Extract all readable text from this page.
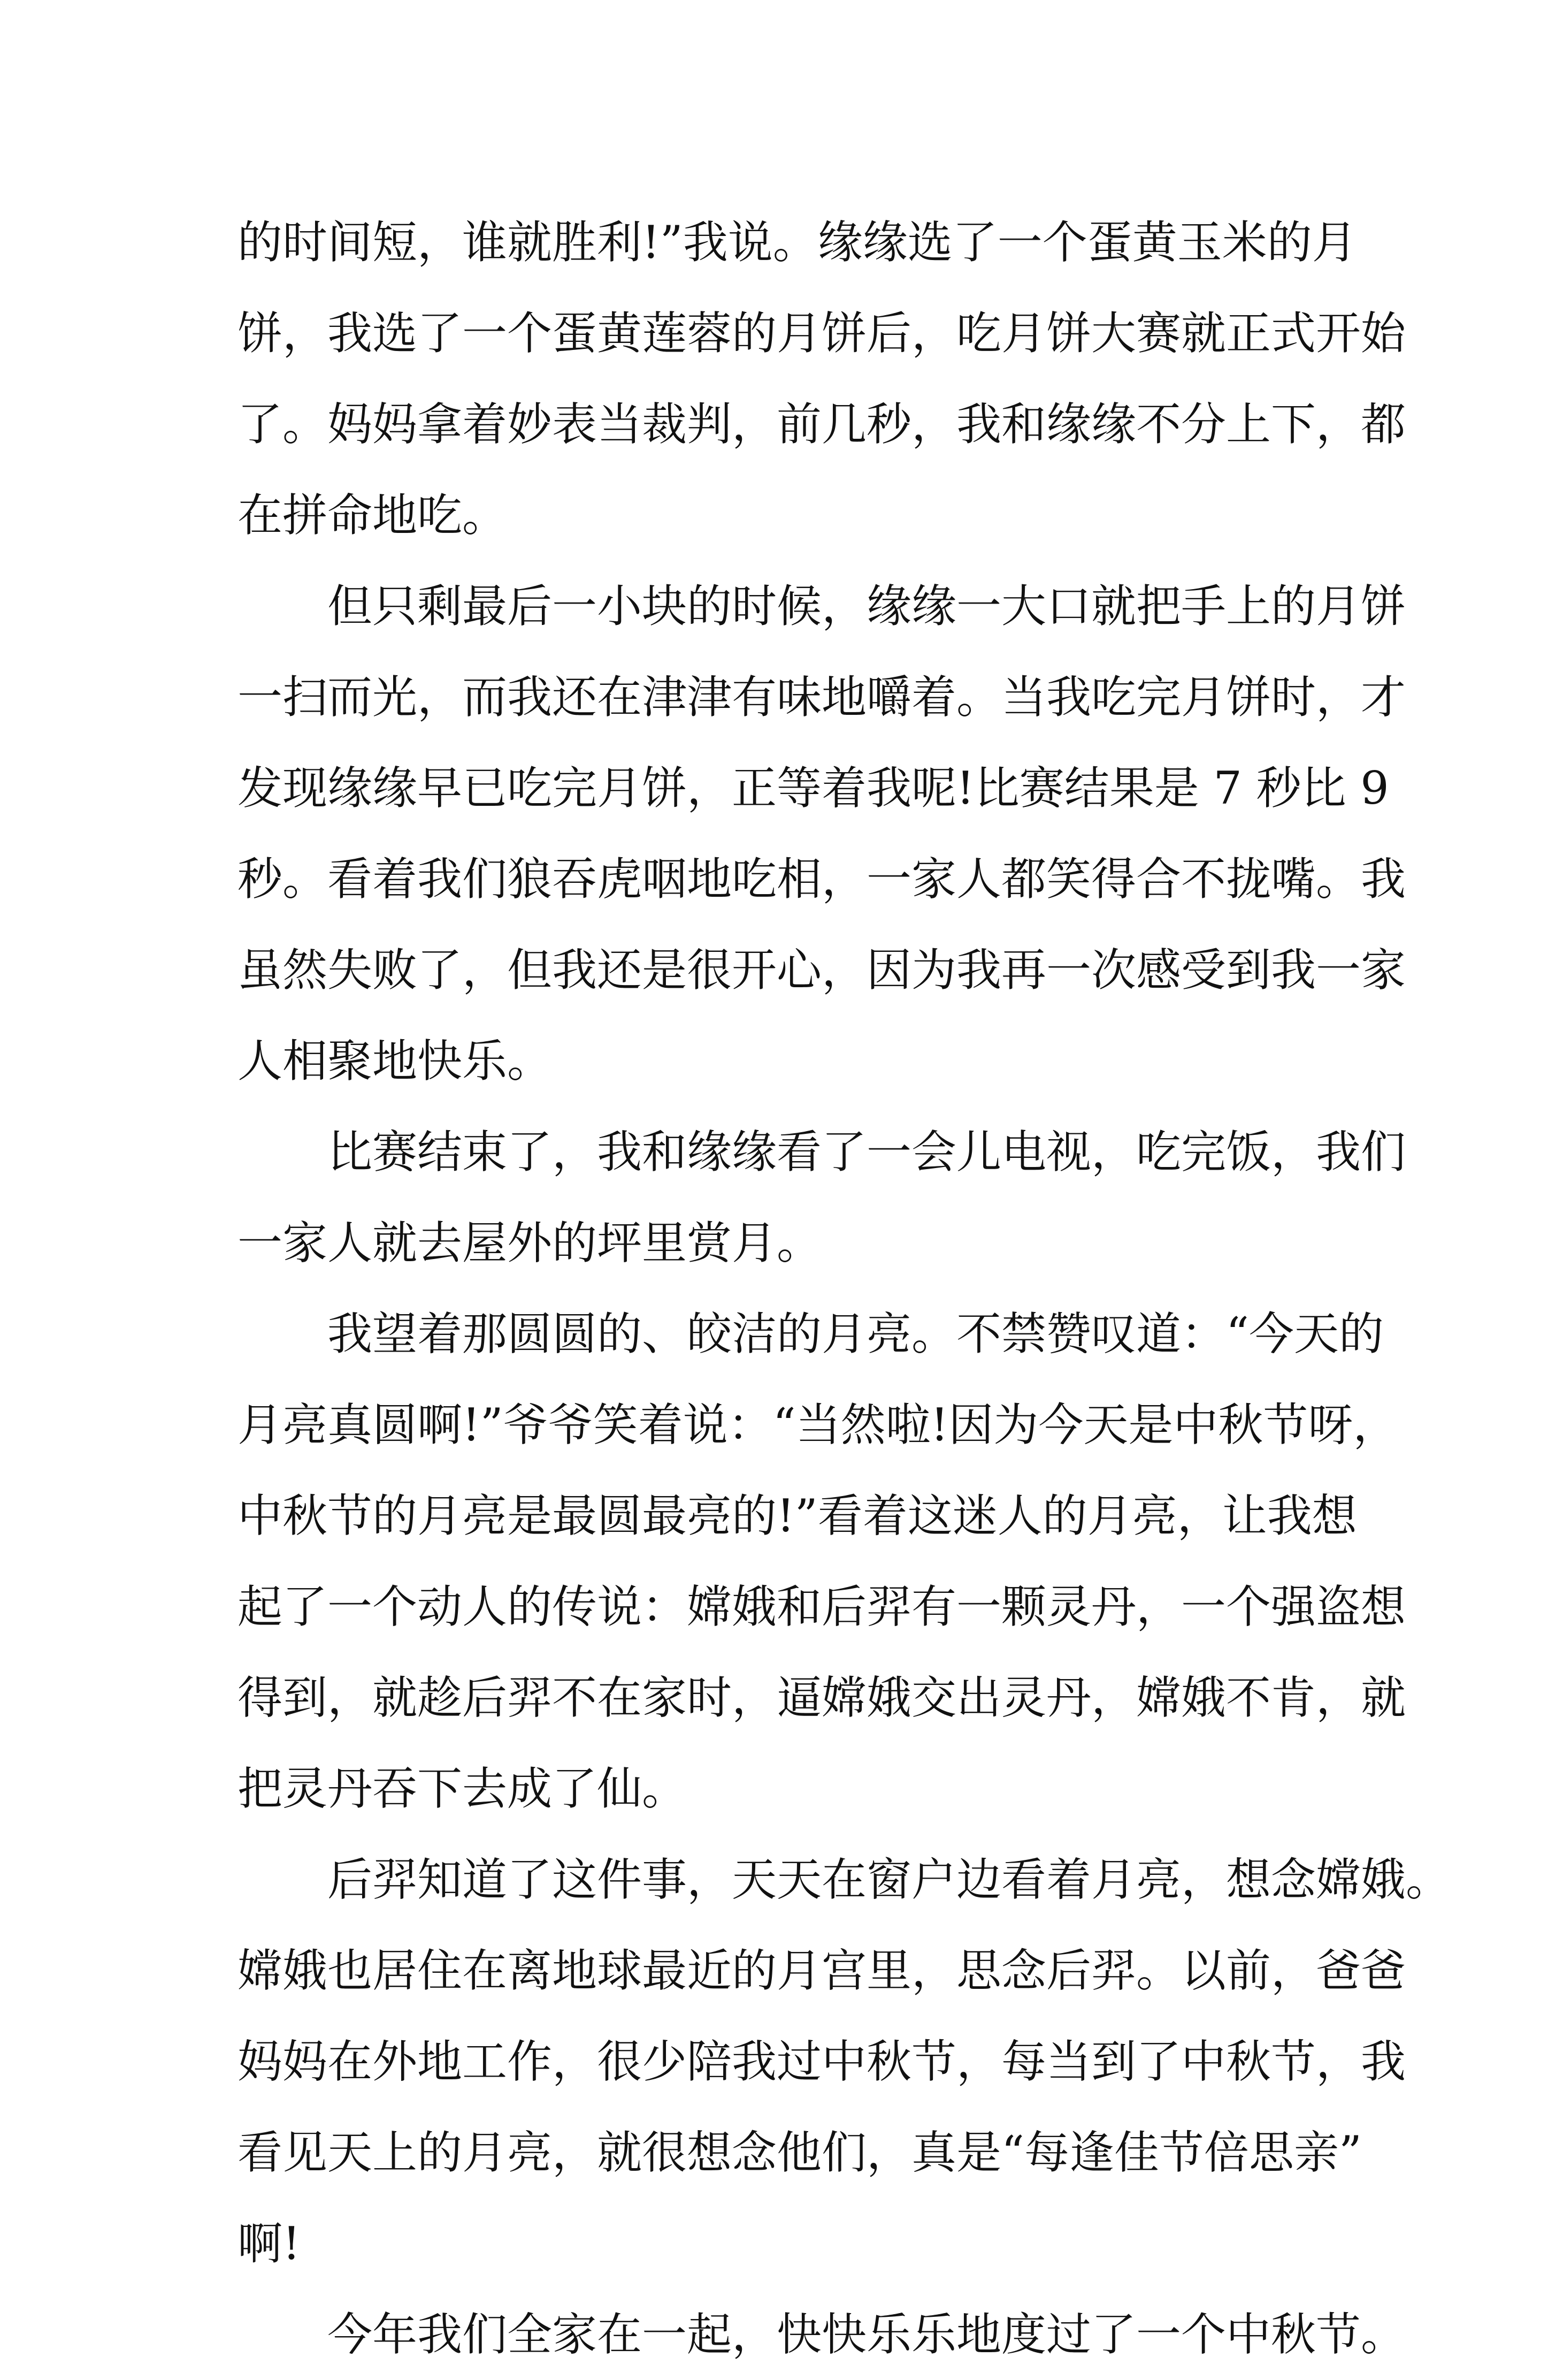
的时间短，谁就胜利!”我说。缘缘选了一个蛋黄玉米的月
饼，我选了一个蛋黄莲蓉的月饼后，吃月饼大赛就正式开始
了。妈妈拿着妙表当裁判，前几秒，我和缘缘不分上下，都
在拼命地吃。
　　但只剩最后一小块的时候，缘缘一大口就把手上的月饼
一扫而光，而我还在津津有味地嚼着。当我吃完月饼时，才
发现缘缘早已吃完月饼，正等着我呢!比赛结果是 7 秒比 9
秒。看着我们狼吞虎咽地吃相，一家人都笑得合不拢嘴。我
虽然失败了，但我还是很开心，因为我再一次感受到我一家
人相聚地快乐。
　　比赛结束了，我和缘缘看了一会儿电视，吃完饭，我们
一家人就去屋外的坪里赏月。
　　我望着那圆圆的、皎洁的月亮。不禁赞叹道：“今天的
月亮真圆啊!”爷爷笑着说：“当然啦!因为今天是中秋节呀，
中秋节的月亮是最圆最亮的!”看着这迷人的月亮，让我想
起了一个动人的传说：嫦娥和后羿有一颗灵丹，一个强盗想
得到，就趁后羿不在家时，逼嫦娥交出灵丹，嫦娥不肯，就
把灵丹吞下去成了仙。
　　后羿知道了这件事，天天在窗户边看着月亮，想念嫦娥。
嫦娥也居住在离地球最近的月宫里，思念后羿。以前，爸爸
妈妈在外地工作，很少陪我过中秋节，每当到了中秋节，我
看见天上的月亮，就很想念他们，真是“每逢佳节倍思亲”
啊!
　　今年我们全家在一起，快快乐乐地度过了一个中秋节。
